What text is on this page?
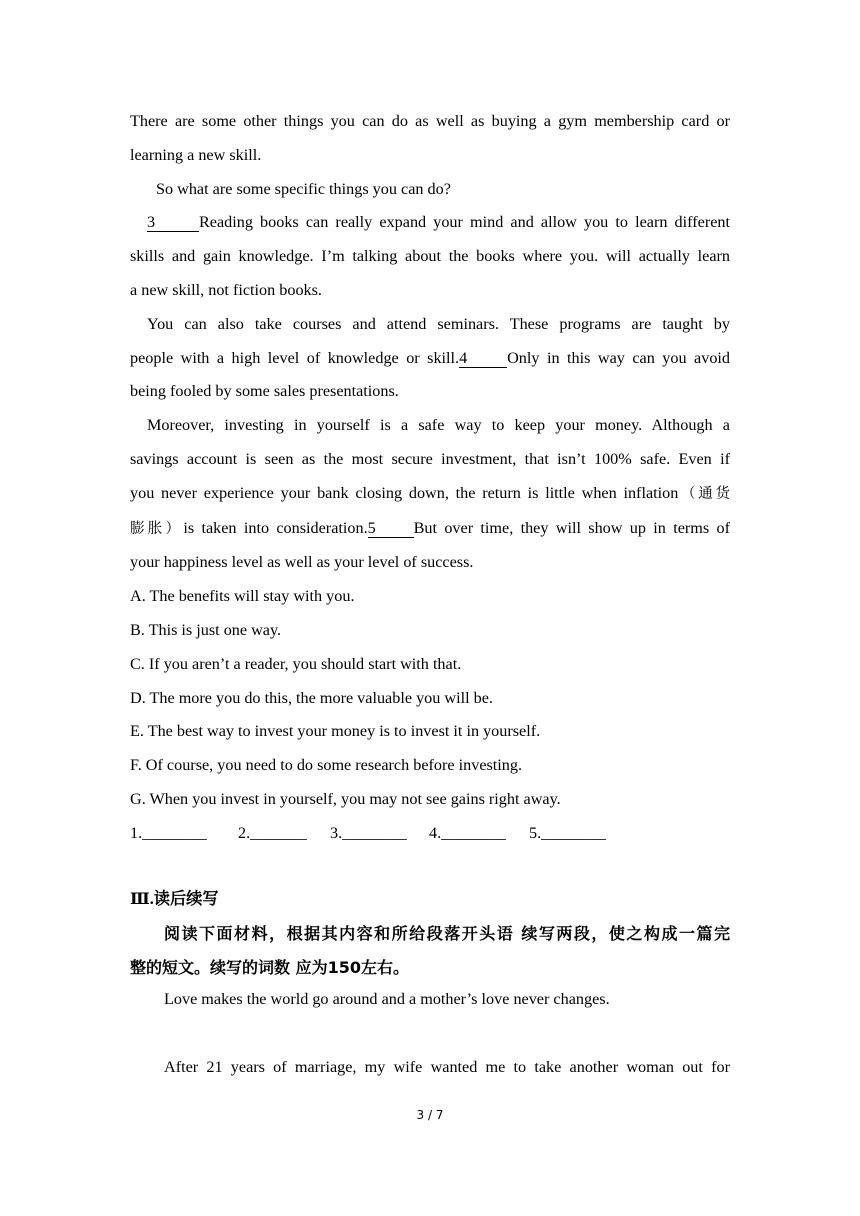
There are some other things you can do as well as buying a gym membership card or
learning a new skill.
So what are some specific things you can do?
3	Reading books can really expand your mind and allow you to learn different
skills and gain knowledge. I’m talking about the books where you. will actually learn
a new skill, not fiction books.
You can also take courses and attend seminars. These programs are taught by
people with a high level of knowledge or skill.4 Only in this way can you avoid
being fooled by some sales presentations.
Moreover, investing in yourself is a safe way to keep your money. Although a
savings account is seen as the most secure investment, that isn’t 100% safe. Even if
you never experience your bank closing down, the return is little when inflation（通货
膨胀）is taken into consideration.5 But over time, they will show up in terms of
your happiness level as well as your level of success.
A. The benefits will stay with you.
B. This is just one way.
C. If you aren’t a reader, you should start with that.
D. The more you do this, the more valuable you will be.
E. The best way to invest your money is to invest it in yourself.
F. Of course, you need to do some research before investing.
G. When you invest in yourself, you may not see gains right away.
1.________ 2._______ 3.________ 4.________ 5.________
Ⅲ.读后续写
阅读下面材料，根据其内容和所给段落开头语 续写两段，使之构成一篇完
整的短文。续写的词数 应为150左右。
Love makes the world go around and a mother’s love never changes.
After 21 years of marriage, my wife wanted me to take another woman out for
3 / 7
